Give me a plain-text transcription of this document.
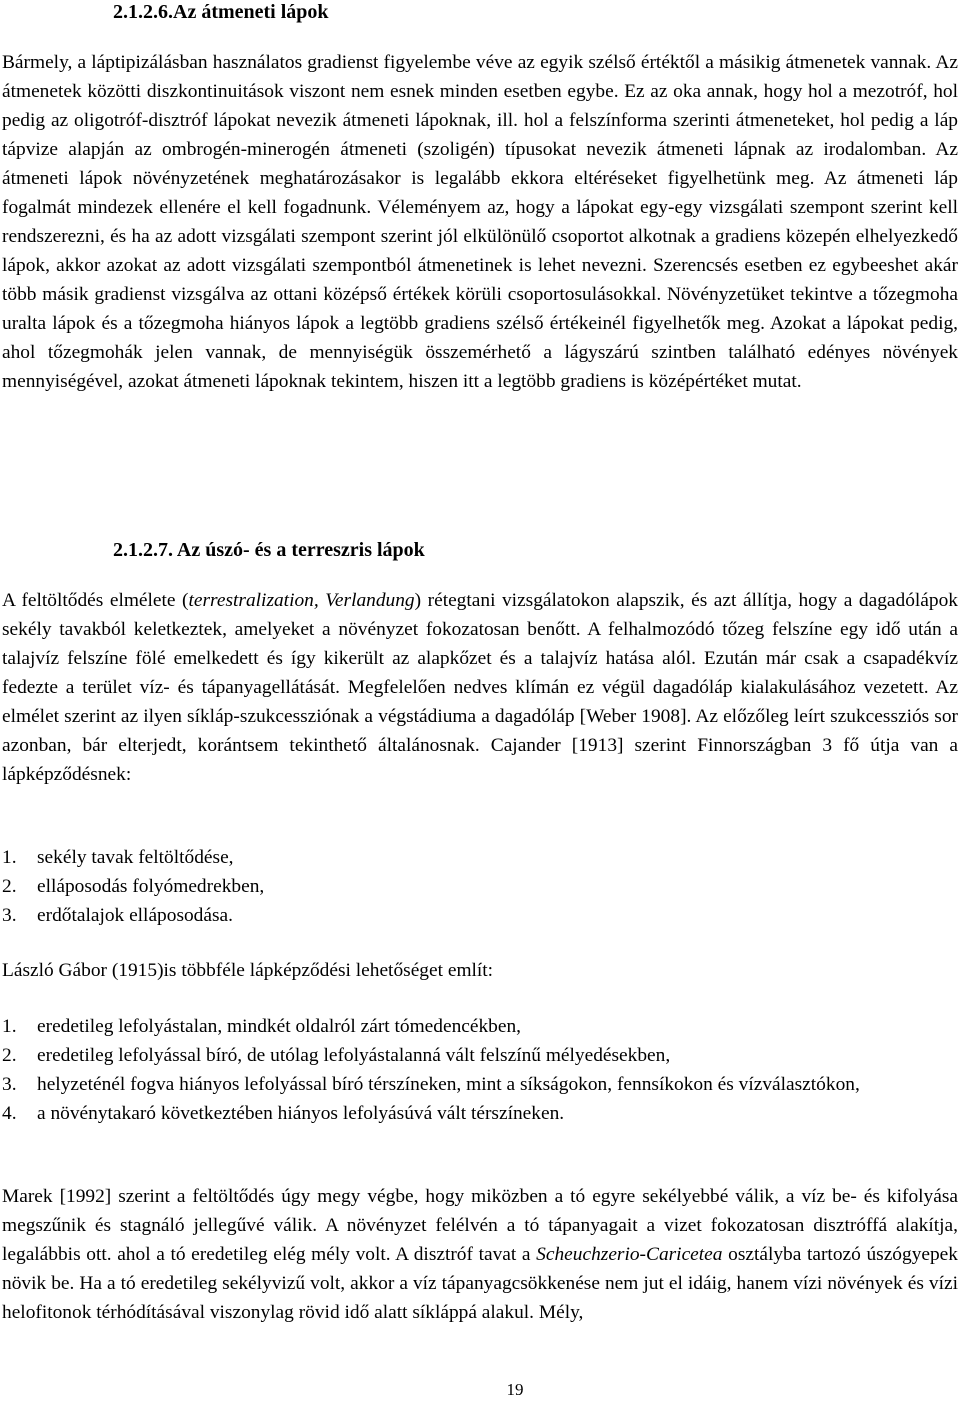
2.1.2.6.Az átmeneti lápok

Bármely, a láptipizálásban használatos gradienst figyelembe véve az egyik szélső értéktől a másikig átmenetek vannak. Az átmenetek közötti diszkontinuitások viszont nem esnek minden esetben egybe. Ez az oka annak, hogy hol a mezotróf, hol pedig az oligotróf-disztróf lápokat nevezik átmeneti lápoknak, ill. hol a felszínforma szerinti átmeneteket, hol pedig a láp tápvize alapján az ombrogén-minerogén átmeneti (szoligén) típusokat nevezik átmeneti lápnak az irodalomban. Az átmeneti lápok növényzetének meghatározásakor is legalább ekkora eltéréseket figyelhetünk meg. Az átmeneti láp fogalmát mindezek ellenére el kell fogadnunk. Véleményem az, hogy a lápokat egy-egy vizsgálati szempont szerint kell rendszerezni, és ha az adott vizsgálati szempont szerint jól elkülönülő csoportot alkotnak a gradiens közepén elhelyezkedő lápok, akkor azokat az adott vizsgálati szempontból átmenetinek is lehet nevezni. Szerencsés esetben ez egybeeshet akár több másik gradienst vizsgálva az ottani középső értékek körüli csoportosulásokkal. Növényzetüket tekintve a tőzegmoha uralta lápok és a tőzegmoha hiányos lápok a legtöbb gradiens szélső értékeinél figyelhetők meg. Azokat a lápokat pedig, ahol tőzegmohák jelen vannak, de mennyiségük összemérhető a lágyszárú szintben található edényes növények mennyiségével, azokat átmeneti lápoknak tekintem, hiszen itt a legtöbb gradiens is középértéket mutat.

2.1.2.7. Az úszó- és a terreszris lápok

A feltöltődés elmélete (terrestralization, Verlandung) rétegtani vizsgálatokon alapszik, és azt állítja, hogy a dagadólápok sekély tavakból keletkeztek, amelyeket a növényzet fokozatosan benőtt. A felhalmozódó tőzeg felszíne egy idő után a talajvíz felszíne fölé emelkedett és így kikerült az alapkőzet és a talajvíz hatása alól. Ezután már csak a csapadékvíz fedezte a terület víz- és tápanyagellátását. Megfelelően nedves klímán ez végül dagadóláp kialakulásához vezetett. Az elmélet szerint az ilyen síkláp-szukcessziónak a végstádiuma a dagadóláp [Weber 1908]. Az előzőleg leírt szukcessziós sor azonban, bár elterjedt, korántsem tekinthető általánosnak. Cajander [1913] szerint Finnországban 3 fő útja van a lápképződésnek:

1. sekély tavak feltöltődése,
2. elláposodás folyómedrekben,
3. erdőtalajok elláposodása.

László Gábor (1915)is többféle lápképződési lehetőséget említ:

1. eredetileg lefolyástalan, mindkét oldalról zárt tómedencékben,
2. eredetileg lefolyással bíró, de utólag lefolyástalanná vált felszínű mélyedésekben,
3. helyzeténél fogva hiányos lefolyással bíró térszíneken, mint a síkságokon, fennsíkokon és vízválasztókon,
4. a növénytakaró következtében hiányos lefolyásúvá vált térszíneken.

Marek [1992] szerint a feltöltődés úgy megy végbe, hogy miközben a tó egyre sekélyebbé válik, a víz be- és kifolyása megszűnik és stagnáló jellegűvé válik. A növényzet felélvén a tó tápanyagait a vizet fokozatosan disztróffá alakítja, legalábbis ott. ahol a tó eredetileg elég mély volt. A disztróf tavat a Scheuchzerio-Caricetea osztályba tartozó úszógyepek növik be. Ha a tó eredetileg sekélyvizű volt, akkor a víz tápanyagcsökkenése nem jut el idáig, hanem vízi növények és vízi helofitonok térhódításával viszonylag rövid idő alatt síkláppá alakul. Mély,

19
